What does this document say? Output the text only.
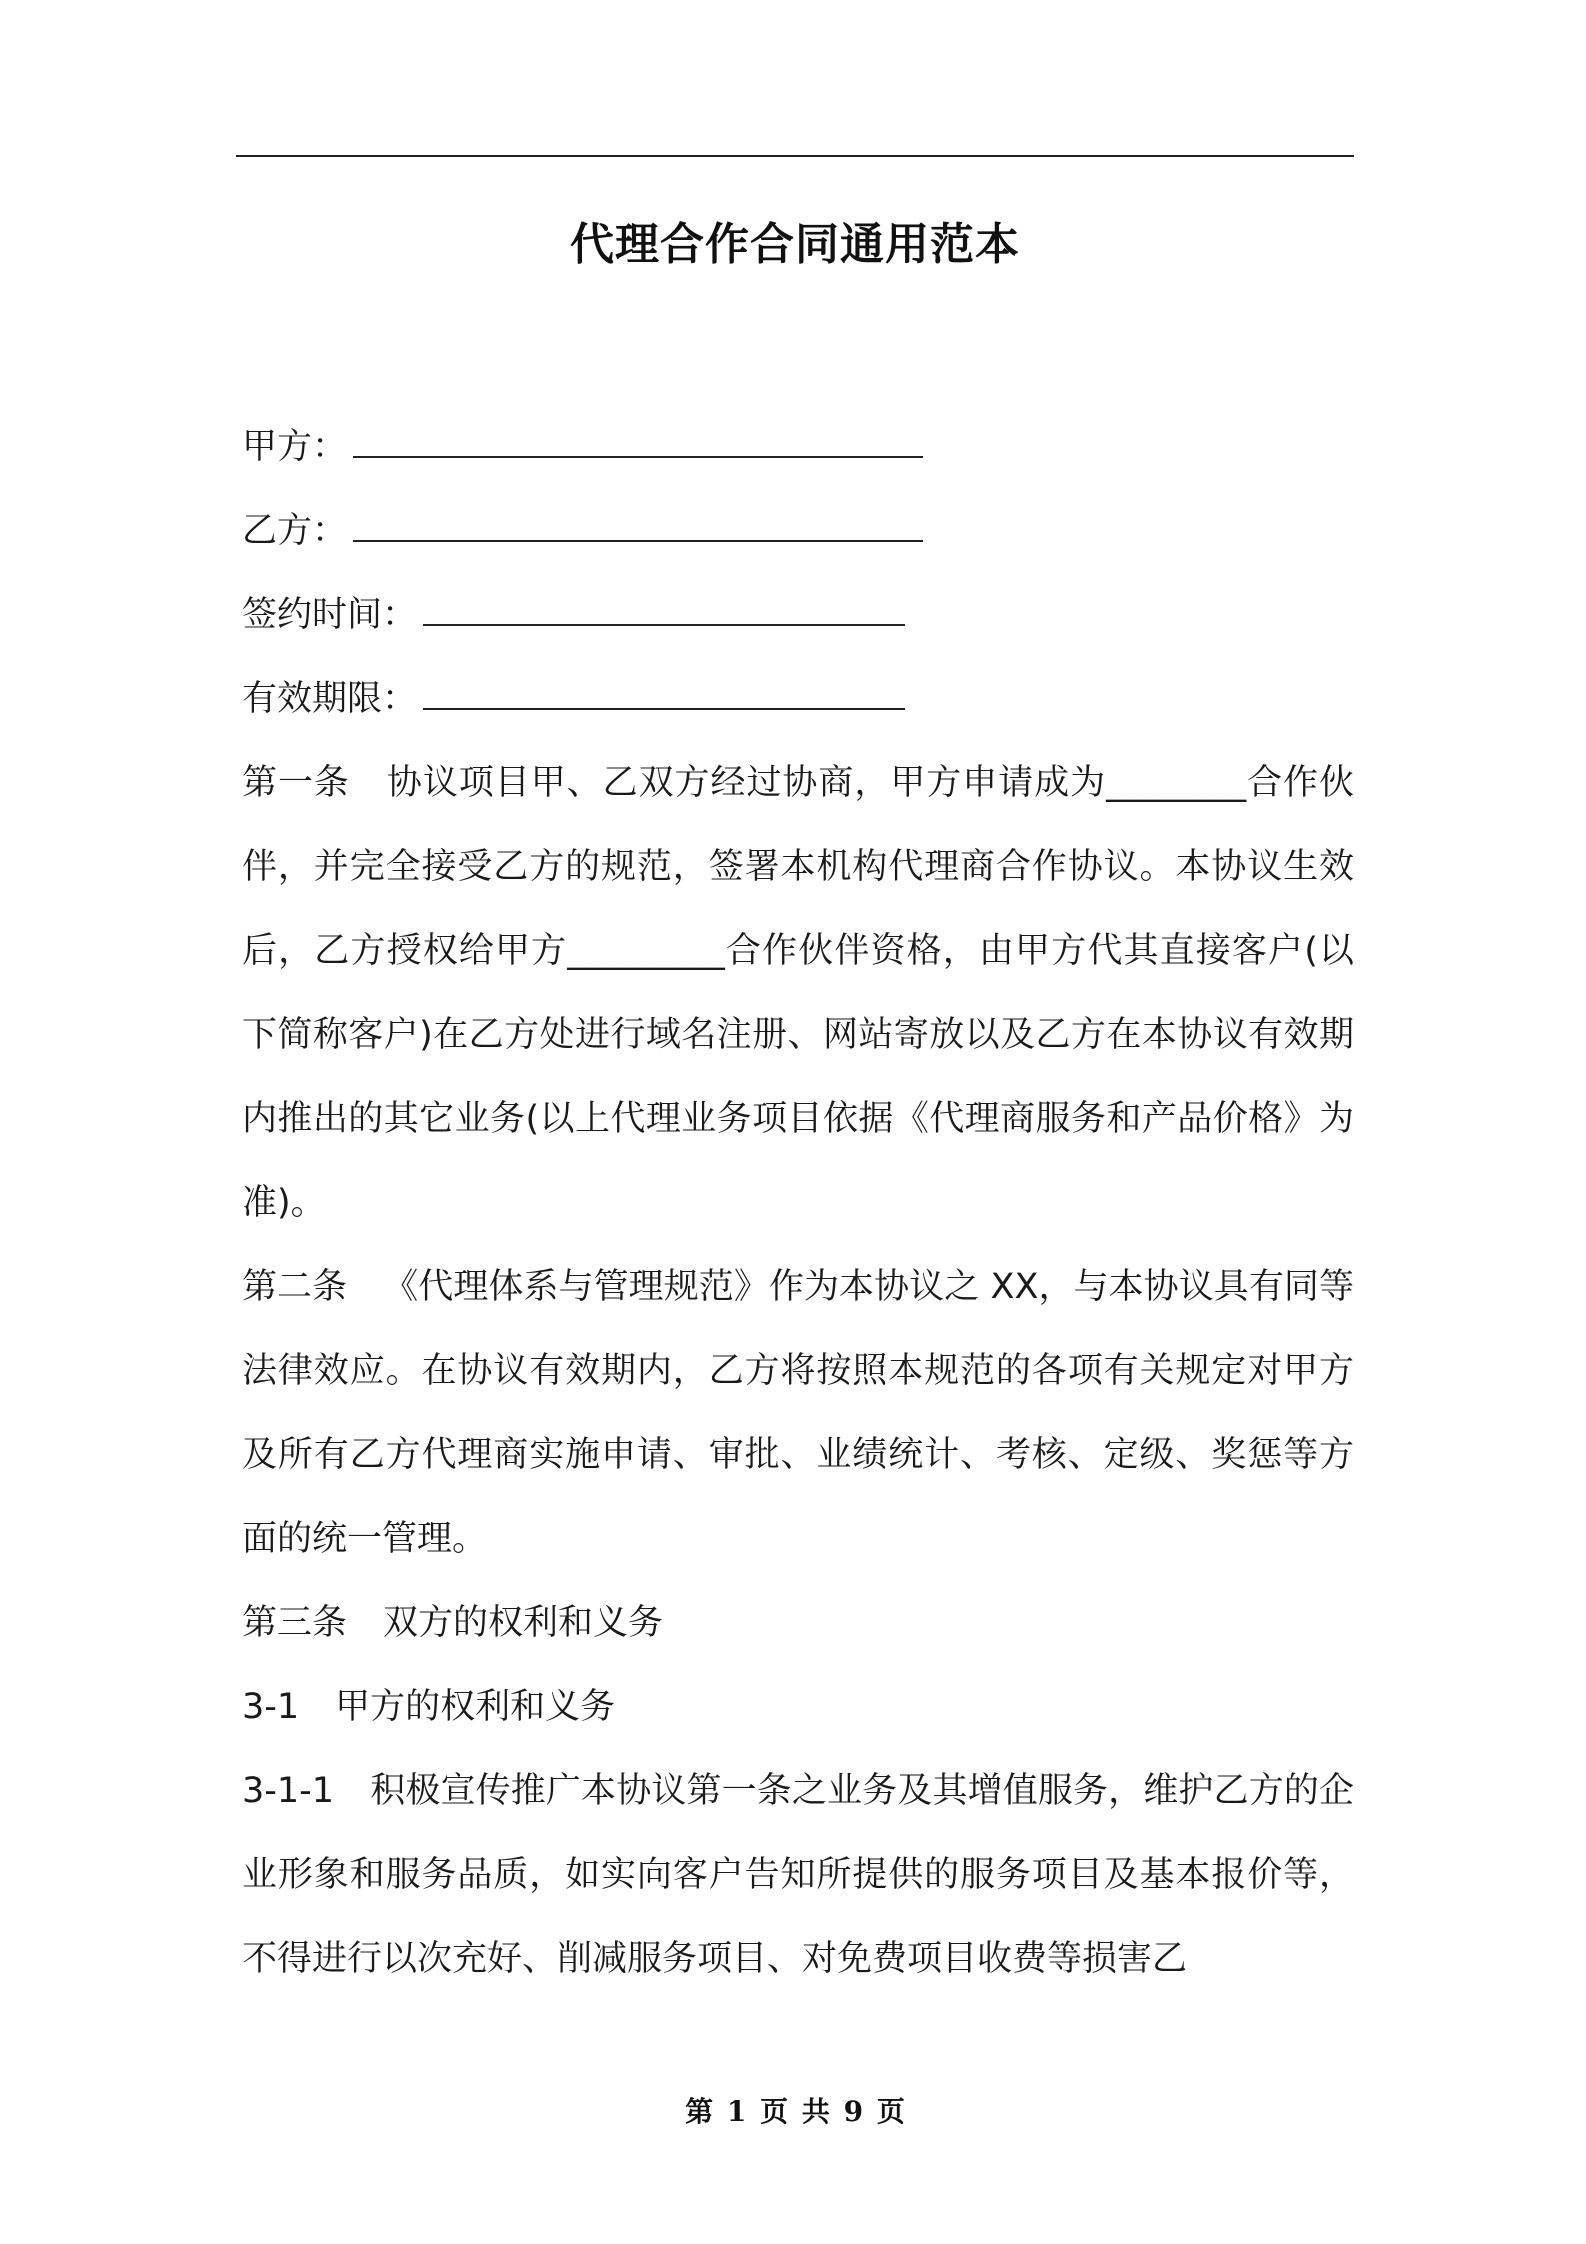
代理合作合同通用范本

甲方：

乙方：

签约时间：

有效期限：

第一条 协议项目甲、乙双方经过协商，甲方申请成为________合作伙伴，并完全接受乙方的规范，签署本机构代理商合作协议。本协议生效后，乙方授权给甲方_________合作伙伴资格，由甲方代其直接客户(以下简称客户)在乙方处进行域名注册、网站寄放以及乙方在本协议有效期内推出的其它业务(以上代理业务项目依据《代理商服务和产品价格》为准)。

第二条 《代理体系与管理规范》作为本协议之 XX，与本协议具有同等法律效应。在协议有效期内，乙方将按照本规范的各项有关规定对甲方及所有乙方代理商实施申请、审批、业绩统计、考核、定级、奖惩等方面的统一管理。

第三条 双方的权利和义务

3-1 甲方的权利和义务

3-1-1 积极宣传推广本协议第一条之业务及其增值服务，维护乙方的企业形象和服务品质，如实向客户告知所提供的服务项目及基本报价等，不得进行以次充好、削减服务项目、对免费项目收费等损害乙

第 1 页 共 9 页
